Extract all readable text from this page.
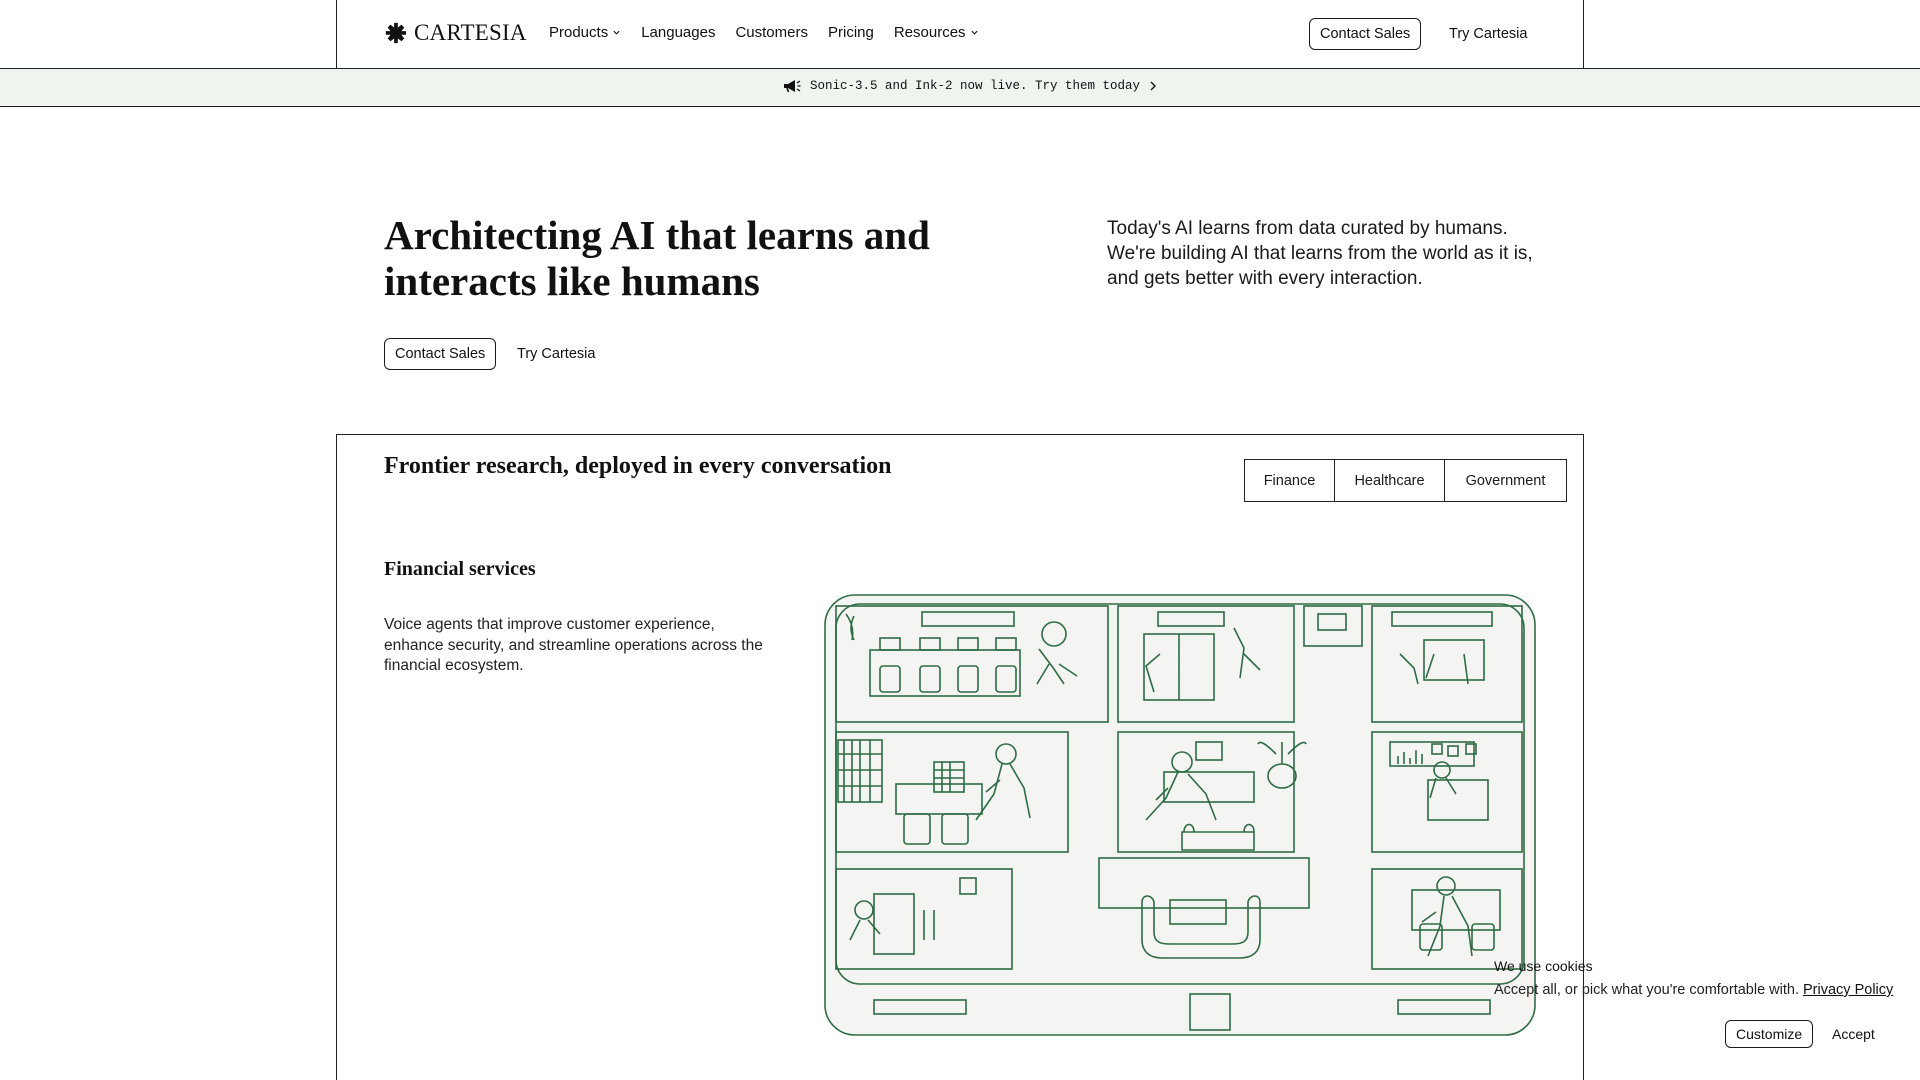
CARTESIA Products Languages Customers Pricing Resources	Contact Sales	Try Cartesia
Sonic-3.5 and Ink-2 now live. Try them today
Architecting AI that learns and interacts like humans

Today's AI learns from data curated by humans. We're building AI that learns from the world as it is, and gets better with every interaction.

Contact Sales	Try Cartesia
Frontier research, deployed in every conversation
Finance	Healthcare	Government
Financial services

Voice agents that improve customer experience, enhance security, and streamline operations across the financial ecosystem.

We use cookies
Accept all, or pick what you're comfortable with. Privacy Policy
Customize	Accept
